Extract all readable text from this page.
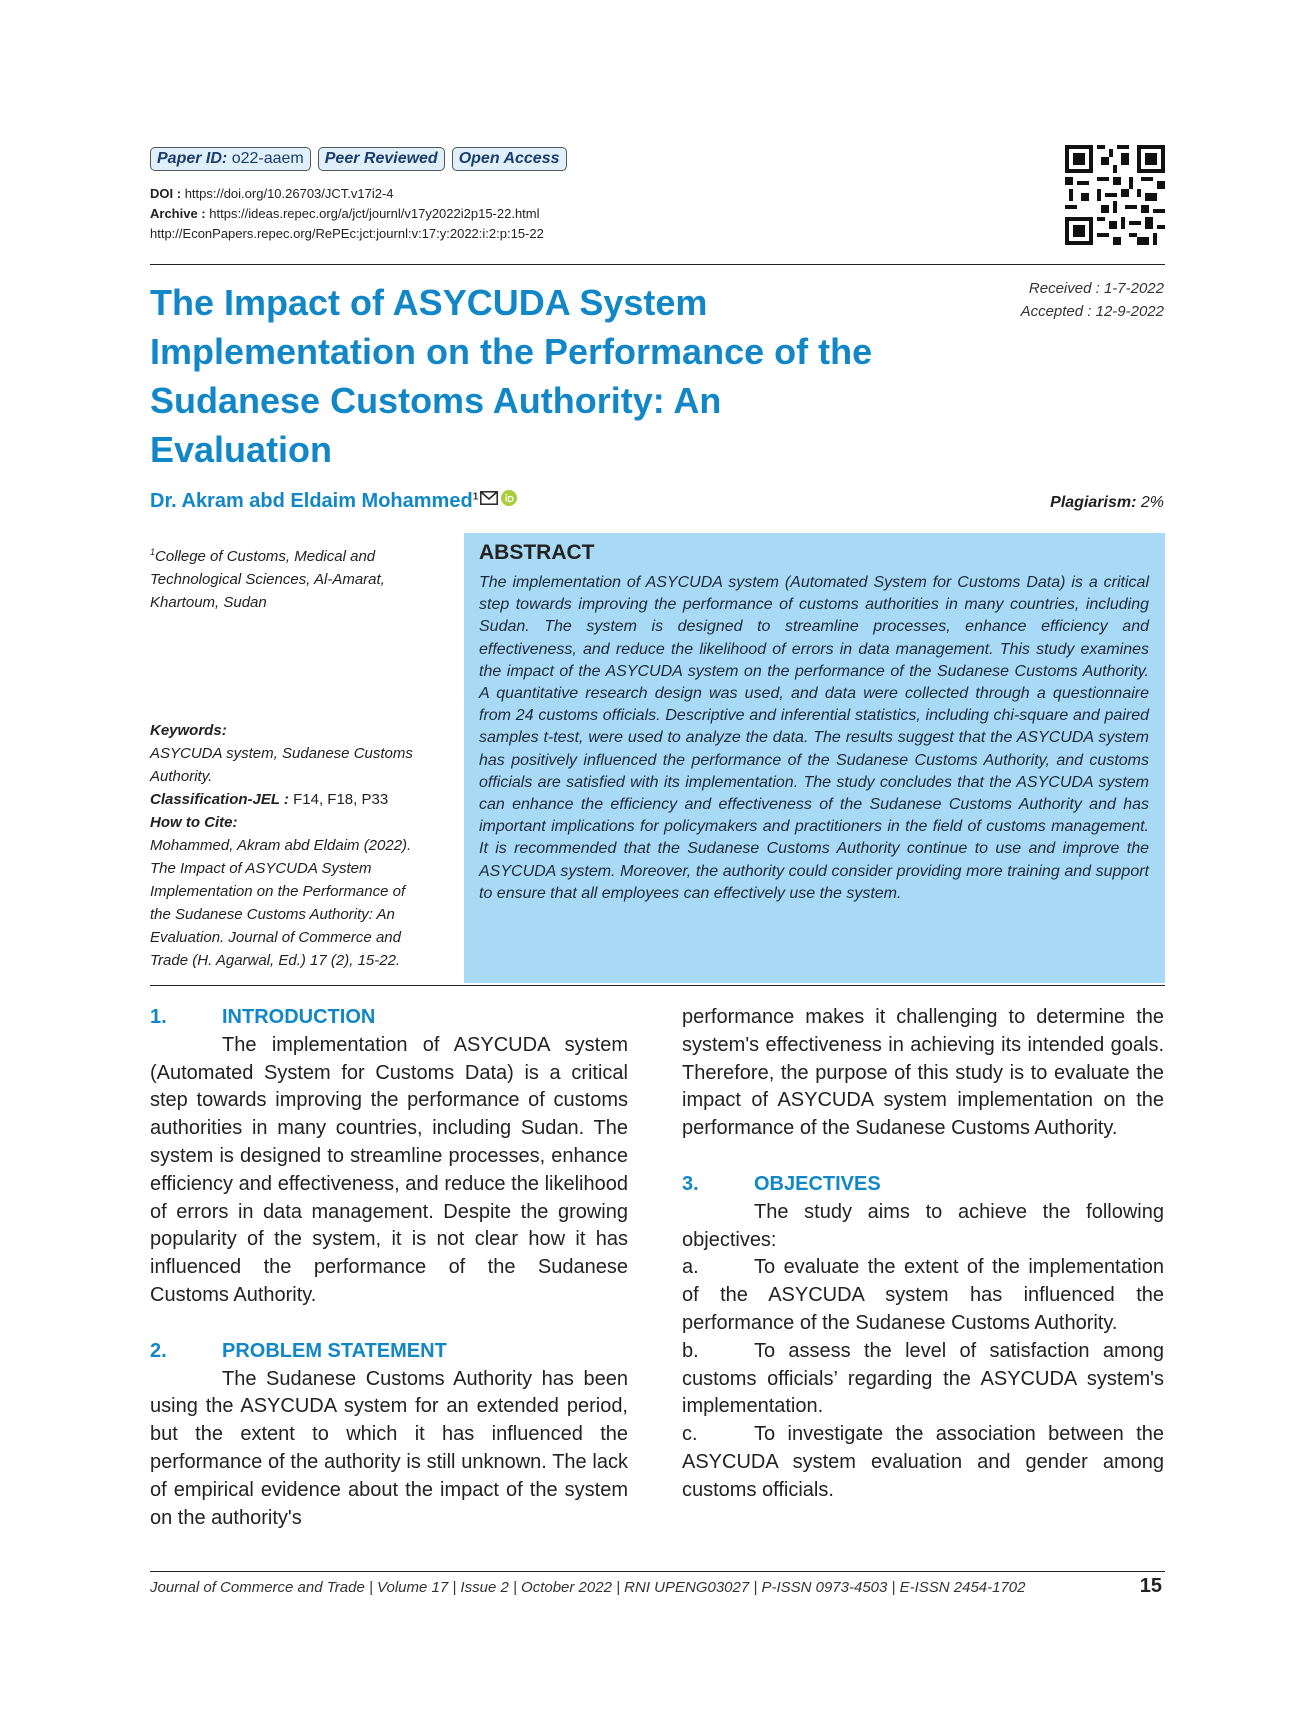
Paper ID: o22-aaem	Peer Reviewed	Open Access
DOI : https://doi.org/10.26703/JCT.v17i2-4
Archive : https://ideas.repec.org/a/jct/journl/v17y2022i2p15-22.html
http://EconPapers.repec.org/RePEc:jct:journl:v:17:y:2022:i:2:p:15-22
The Impact of ASYCUDA System Implementation on the Performance of the Sudanese Customs Authority: An Evaluation
Received : 1-7-2022
Accepted : 12-9-2022
Dr. Akram abd Eldaim Mohammed$^1$	Plagiarism: 2%
$^1$College of Customs, Medical and
Technological Sciences, Al-Amarat,
Khartoum, Sudan
Keywords:
ASYCUDA system, Sudanese Customs
Authority.
Classification-JEL : F14, F18, P33
How to Cite:
Mohammed, Akram abd Eldaim (2022).
The Impact of ASYCUDA System
Implementation on the Performance of
the Sudanese Customs Authority: An
Evaluation. Journal of Commerce and
Trade (H. Agarwal, Ed.) 17 (2), 15-22.
ABSTRACT
The implementation of ASYCUDA system (Automated System for Customs Data) is a critical step towards improving the performance of customs authorities in many countries, including Sudan. The system is designed to streamline processes, enhance efficiency and effectiveness, and reduce the likelihood of errors in data management. This study examines the impact of the ASYCUDA system on the performance of the Sudanese Customs Authority. A quantitative research design was used, and data were collected through a questionnaire from 24 customs officials. Descriptive and inferential statistics, including chi-square and paired samples t-test, were used to analyze the data. The results suggest that the ASYCUDA system has positively influenced the performance of the Sudanese Customs Authority, and customs officials are satisfied with its implementation. The study concludes that the ASYCUDA system can enhance the efficiency and effectiveness of the Sudanese Customs Authority and has important implications for policymakers and practitioners in the field of customs management. It is recommended that the Sudanese Customs Authority continue to use and improve the ASYCUDA system. Moreover, the authority could consider providing more training and support to ensure that all employees can effectively use the system.
1.	INTRODUCTION
The implementation of ASYCUDA system (Automated System for Customs Data) is a critical step towards improving the performance of customs authorities in many countries, including Sudan. The system is designed to streamline processes, enhance efficiency and effectiveness, and reduce the likelihood of errors in data management. Despite the growing popularity of the system, it is not clear how it has influenced the performance of the Sudanese Customs Authority.
2.	PROBLEM STATEMENT
The Sudanese Customs Authority has been using the ASYCUDA system for an extended period, but the extent to which it has influenced the performance of the authority is still unknown. The lack of empirical evidence about the impact of the system on the authority's
performance makes it challenging to determine the system's effectiveness in achieving its intended goals. Therefore, the purpose of this study is to evaluate the impact of ASYCUDA system implementation on the performance of the Sudanese Customs Authority.
3.	OBJECTIVES
The study aims to achieve the following objectives:
a.	To evaluate the extent of the implementation of the ASYCUDA system has influenced the performance of the Sudanese Customs Authority.
b.	To assess the level of satisfaction among customs officials’ regarding the ASYCUDA system's implementation.
c.	To investigate the association between the ASYCUDA system evaluation and gender among customs officials.
Journal of Commerce and Trade | Volume 17 | Issue 2 | October 2022 | RNI UPENG03027 | P-ISSN 0973-4503 | E-ISSN 2454-1702	15
